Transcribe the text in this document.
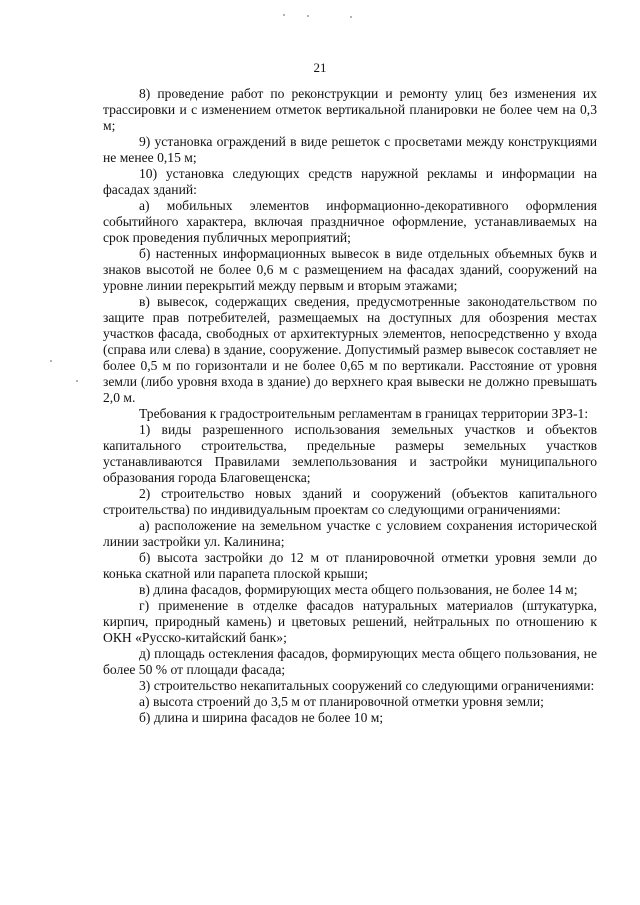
21

8) проведение работ по реконструкции и ремонту улиц без изменения их трассировки и с изменением отметок вертикальной планировки не более чем на 0,3 м;

9) установка ограждений в виде решеток с просветами между конструкциями не менее 0,15 м;

10) установка следующих средств наружной рекламы и информации на фасадах зданий:

а) мобильных элементов информационно-декоративного оформления событийного характера, включая праздничное оформление, устанавливаемых на срок проведения публичных мероприятий;

б) настенных информационных вывесок в виде отдельных объемных букв и знаков высотой не более 0,6 м с размещением на фасадах зданий, сооружений на уровне линии перекрытий между первым и вторым этажами;

в) вывесок, содержащих сведения, предусмотренные законодательством по защите прав потребителей, размещаемых на доступных для обозрения местах участков фасада, свободных от архитектурных элементов, непосредственно у входа (справа или слева) в здание, сооружение. Допустимый размер вывесок составляет не более 0,5 м по горизонтали и не более 0,65 м по вертикали. Расстояние от уровня земли (либо уровня входа в здание) до верхнего края вывески не должно превышать 2,0 м.

Требования к градостроительным регламентам в границах территории ЗРЗ-1:

1) виды разрешенного использования земельных участков и объектов капитального строительства, предельные размеры земельных участков устанавливаются Правилами землепользования и застройки муниципального образования города Благовещенска;

2) строительство новых зданий и сооружений (объектов капитального строительства) по индивидуальным проектам со следующими ограничениями:

а) расположение на земельном участке с условием сохранения исторической линии застройки ул. Калинина;

б) высота застройки до 12 м от планировочной отметки уровня земли до конька скатной или парапета плоской крыши;

в) длина фасадов, формирующих места общего пользования, не более 14 м;

г) применение в отделке фасадов натуральных материалов (штукатурка, кирпич, природный камень) и цветовых решений, нейтральных по отношению к ОКН «Русско-китайский банк»;

д) площадь остекления фасадов, формирующих места общего пользования, не более 50 % от площади фасада;

3) строительство некапитальных сооружений со следующими ограничениями:

а) высота строений до 3,5 м от планировочной отметки уровня земли;

б) длина и ширина фасадов не более 10 м;
